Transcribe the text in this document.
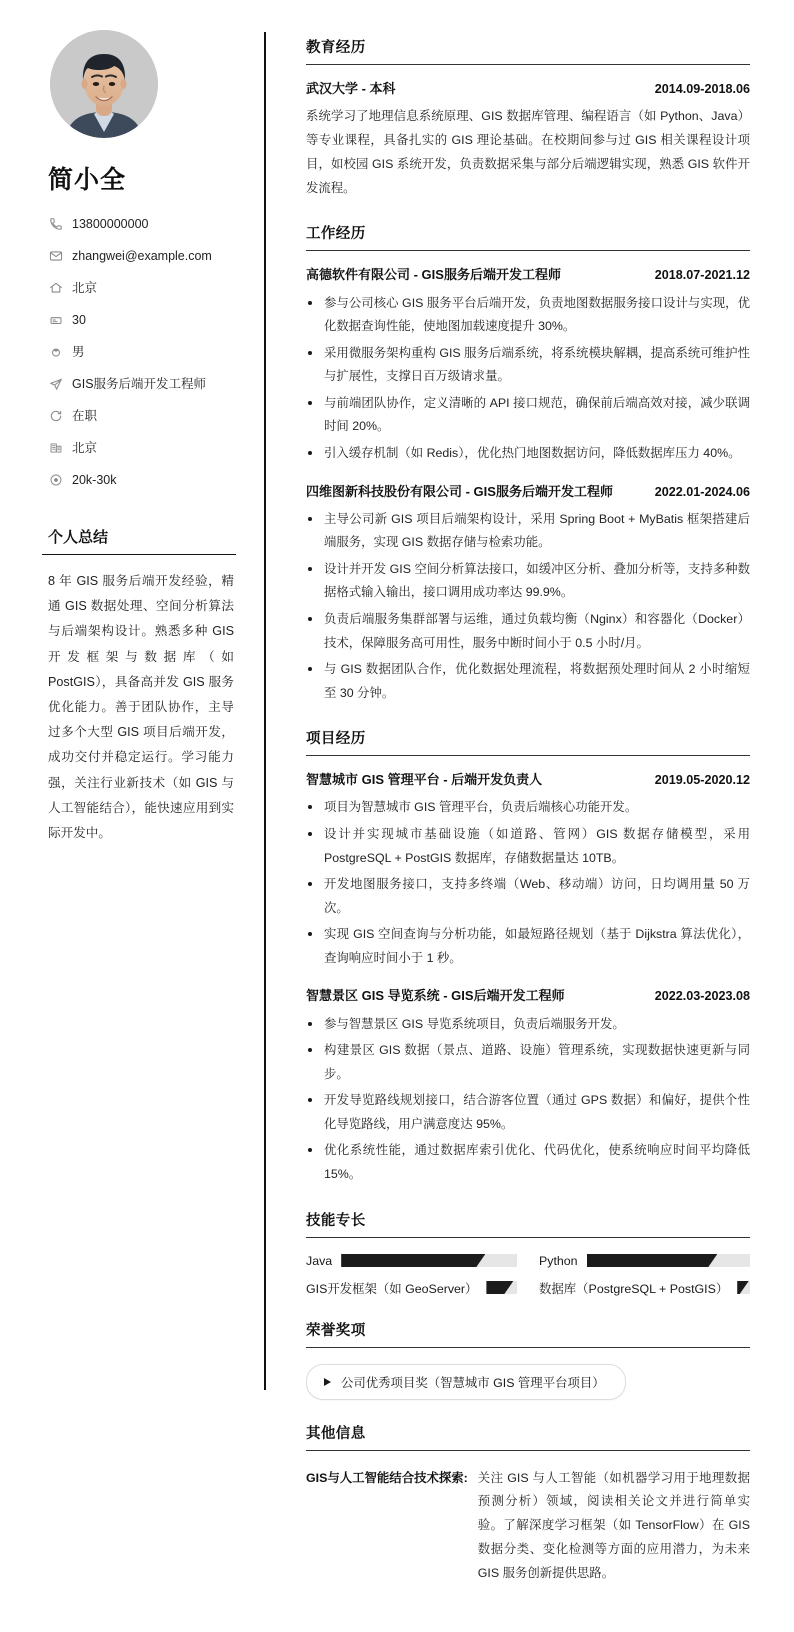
简小全
13800000000
zhangwei@example.com
北京
30
男
GIS服务后端开发工程师
在职
北京
20k-30k
个人总结

8 年 GIS 服务后端开发经验，精通 GIS 数据处理、空间分析算法与后端架构设计。熟悉多种 GIS 开发框架与数据库（如 PostGIS），具备高并发 GIS 服务优化能力。善于团队协作，主导过多个大型 GIS 项目后端开发，成功交付并稳定运行。学习能力强，关注行业新技术（如 GIS 与人工智能结合），能快速应用到实际开发中。

教育经历
武汉大学 - 本科	2014.09-2018.06

系统学习了地理信息系统原理、GIS 数据库管理、编程语言（如 Python、Java）等专业课程，具备扎实的 GIS 理论基础。在校期间参与过 GIS 相关课程设计项目，如校园 GIS 系统开发，负责数据采集与部分后端逻辑实现，熟悉 GIS 软件开发流程。

工作经历
高德软件有限公司 - GIS服务后端开发工程师	2018.07-2021.12
参与公司核心 GIS 服务平台后端开发，负责地图数据服务接口设计与实现，优化数据查询性能，使地图加载速度提升 30%。
采用微服务架构重构 GIS 服务后端系统，将系统模块解耦，提高系统可维护性与扩展性，支撑日百万级请求量。
与前端团队协作，定义清晰的 API 接口规范，确保前后端高效对接，减少联调时间 20%。
引入缓存机制（如 Redis），优化热门地图数据访问，降低数据库压力 40%。
四维图新科技股份有限公司 - GIS服务后端开发工程师	2022.01-2024.06
主导公司新 GIS 项目后端架构设计，采用 Spring Boot + MyBatis 框架搭建后端服务，实现 GIS 数据存储与检索功能。
设计并开发 GIS 空间分析算法接口，如缓冲区分析、叠加分析等，支持多种数据格式输入输出，接口调用成功率达 99.9%。
负责后端服务集群部署与运维，通过负载均衡（Nginx）和容器化（Docker）技术，保障服务高可用性，服务中断时间小于 0.5 小时/月。
与 GIS 数据团队合作，优化数据处理流程，将数据预处理时间从 2 小时缩短至 30 分钟。
项目经历
智慧城市 GIS 管理平台 - 后端开发负责人	2019.05-2020.12
项目为智慧城市 GIS 管理平台，负责后端核心功能开发。
设计并实现城市基础设施（如道路、管网）GIS 数据存储模型，采用 PostgreSQL + PostGIS 数据库，存储数据量达 10TB。
开发地图服务接口，支持多终端（Web、移动端）访问，日均调用量 50 万次。
实现 GIS 空间查询与分析功能，如最短路径规划（基于 Dijkstra 算法优化），查询响应时间小于 1 秒。
智慧景区 GIS 导览系统 - GIS后端开发工程师	2022.03-2023.08
参与智慧景区 GIS 导览系统项目，负责后端服务开发。
构建景区 GIS 数据（景点、道路、设施）管理系统，实现数据快速更新与同步。
开发导览路线规划接口，结合游客位置（通过 GPS 数据）和偏好，提供个性化导览路线，用户满意度达 95%。
优化系统性能，通过数据库索引优化、代码优化，使系统响应时间平均降低 15%。
技能专长
Java	Python
GIS开发框架（如 GeoServer）	数据库（PostgreSQL + PostGIS）
荣誉奖项
公司优秀项目奖（智慧城市 GIS 管理平台项目）
其他信息
GIS与人工智能结合技术探索: 关注 GIS 与人工智能（如机器学习用于地理数据预测分析）领域，阅读相关论文并进行简单实验。了解深度学习框架（如 TensorFlow）在 GIS 数据分类、变化检测等方面的应用潜力，为未来 GIS 服务创新提供思路。
